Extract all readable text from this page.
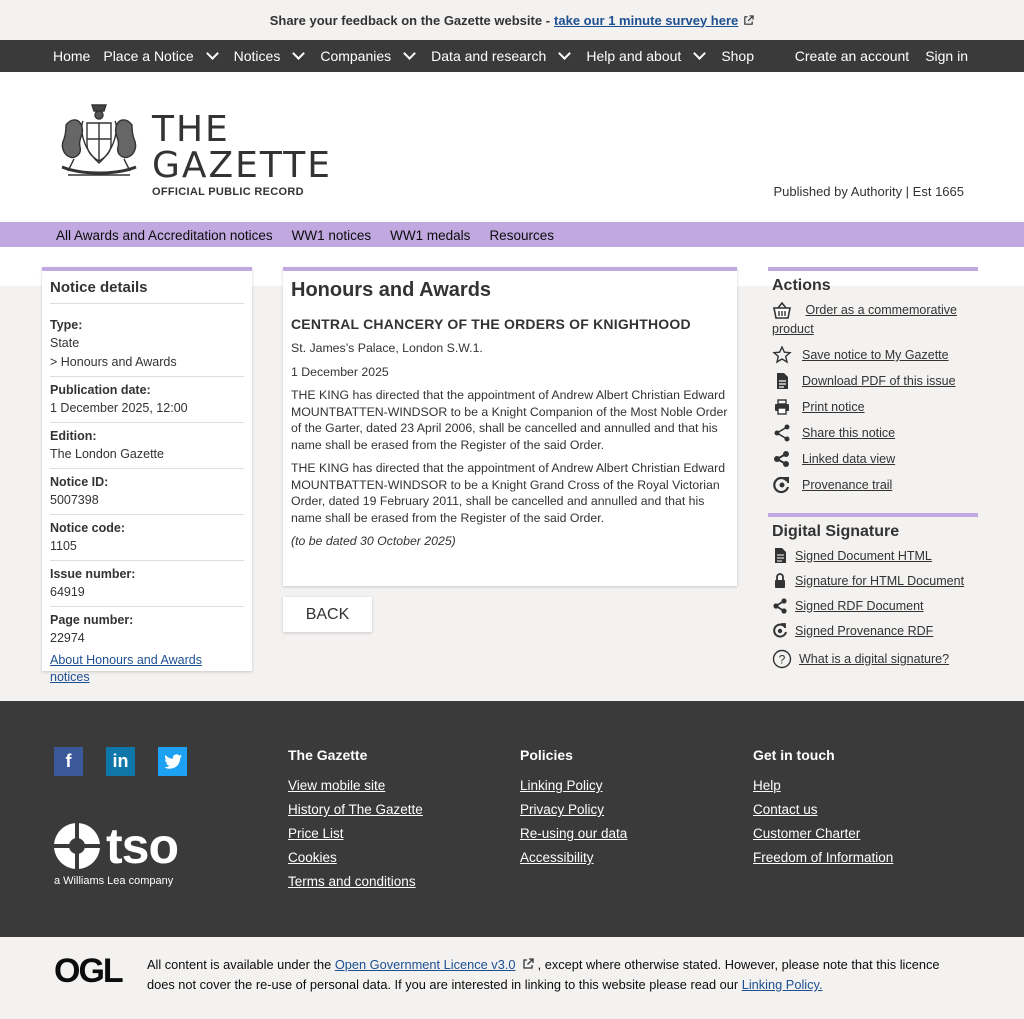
Share your feedback on the Gazette website - take our 1 minute survey here
Home Place a Notice	Notices	Companies	Data and research	Help and about	Shop	Create an account Sign in
THE
GAZETTE
OFFICIAL PUBLIC RECORD	Published by Authority | Est 1665
All Awards and Accreditation notices WW1 notices WW1 medals Resources
Notice details
Type:
State
> Honours and Awards
Publication date:
1 December 2025, 12:00
Edition:
The London Gazette
Notice ID:
5007398
Notice code:
1105
Issue number:
64919
Page number:
22974
About Honours and Awards notices
Honours and Awards
CENTRAL CHANCERY OF THE ORDERS OF KNIGHTHOOD

St. James’s Palace, London S.W.1.

1 December 2025

THE KING has directed that the appointment of Andrew Albert Christian Edward MOUNTBATTEN-WINDSOR to be a Knight Companion of the Most Noble Order of the Garter, dated 23 April 2006, shall be cancelled and annulled and that his name shall be erased from the Register of the said Order.

THE KING has directed that the appointment of Andrew Albert Christian Edward MOUNTBATTEN-WINDSOR to be a Knight Grand Cross of the Royal Victorian Order, dated 19 February 2011, shall be cancelled and annulled and that his name shall be erased from the Register of the said Order.

(to be dated 30 October 2025)

BACK
Actions
Order as a commemorative product
Save notice to My Gazette
Download PDF of this issue
Print notice
Share this notice
Linked data view
Provenance trail
Digital Signature
Signed Document HTML
Signature for HTML Document
Signed RDF Document
Signed Provenance RDF
? What is a digital signature?
f	in
tso
a Williams Lea company
The Gazette
View mobile site
History of The Gazette
Price List
Cookies
Terms and conditions
Policies
Linking Policy
Privacy Policy
Re-using our data
Accessibility
Get in touch
Help
Contact us
Customer Charter
Freedom of Information
OGL All content is available under the Open Government Licence v3.0 , except where otherwise stated. However, please note that this licence does not cover the re-use of personal data. If you are interested in linking to this website please read our Linking Policy.
